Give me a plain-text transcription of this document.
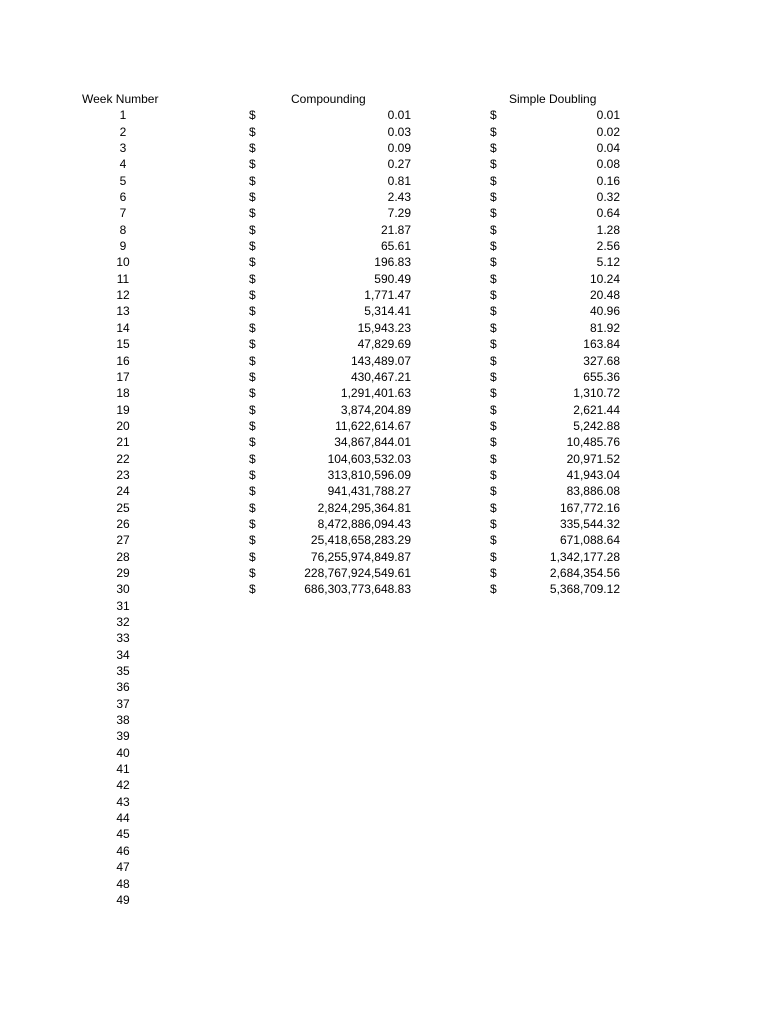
Week Number	Compounding	Simple Doubling
1	$	0.01	$	0.01
2	$	0.03	$	0.02
3	$	0.09	$	0.04
4	$	0.27	$	0.08
5	$	0.81	$	0.16
6	$	2.43	$	0.32
7	$	7.29	$	0.64
8	$	21.87	$	1.28
9	$	65.61	$	2.56
10	$	196.83	$	5.12
11	$	590.49	$	10.24
12	$	1,771.47	$	20.48
13	$	5,314.41	$	40.96
14	$	15,943.23	$	81.92
15	$	47,829.69	$	163.84
16	$	143,489.07	$	327.68
17	$	430,467.21	$	655.36
18	$	1,291,401.63	$	1,310.72
19	$	3,874,204.89	$	2,621.44
20	$	11,622,614.67	$	5,242.88
21	$	34,867,844.01	$	10,485.76
22	$	104,603,532.03	$	20,971.52
23	$	313,810,596.09	$	41,943.04
24	$	941,431,788.27	$	83,886.08
25	$	2,824,295,364.81	$	167,772.16
26	$	8,472,886,094.43	$	335,544.32
27	$	25,418,658,283.29	$	671,088.64
28	$	76,255,974,849.87	$	1,342,177.28
29	$	228,767,924,549.61	$	2,684,354.56
30	$	686,303,773,648.83	$	5,368,709.12
31
32
33
34
35
36
37
38
39
40
41
42
43
44
45
46
47
48
49
